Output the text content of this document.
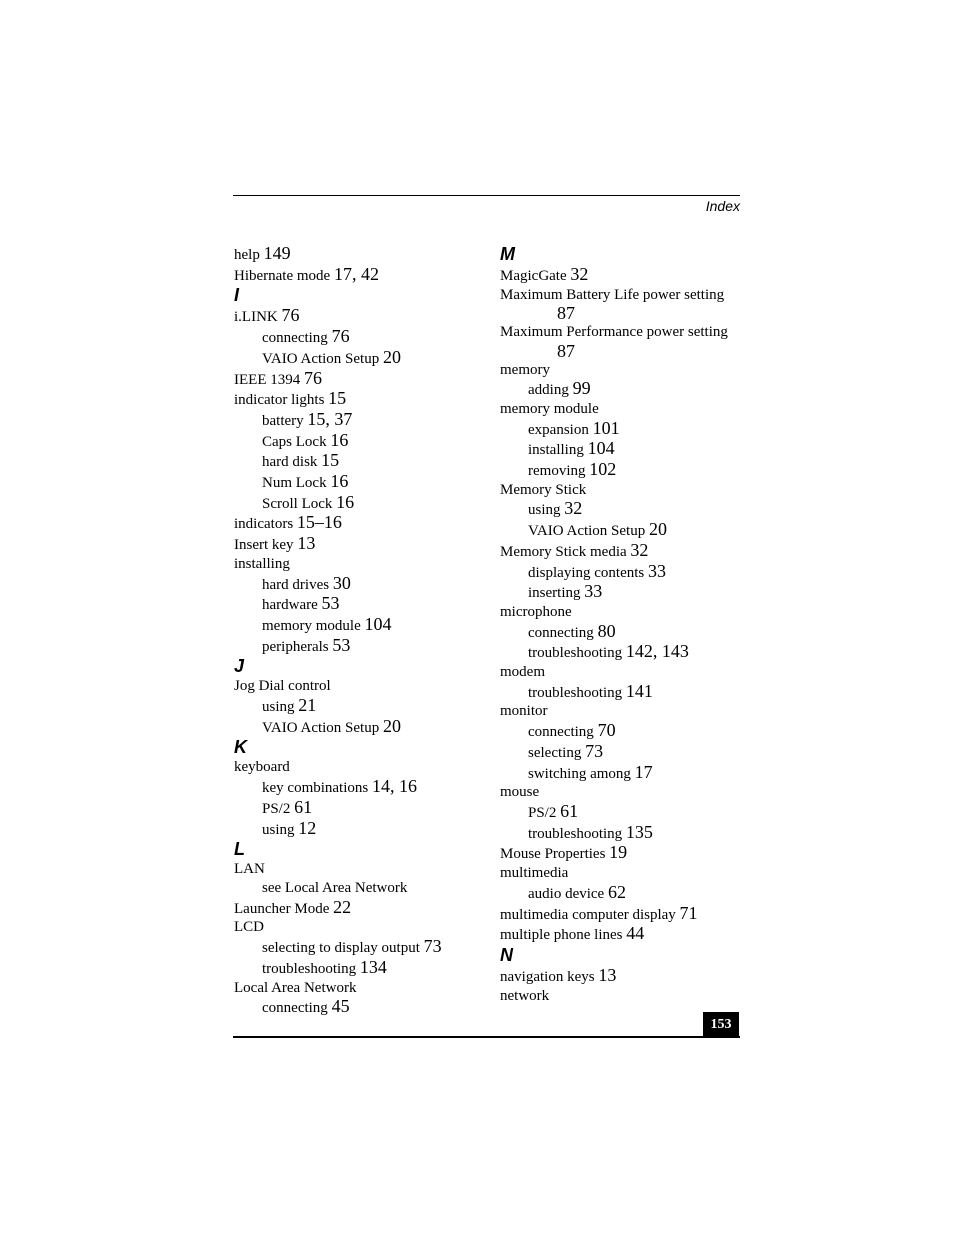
Index
help 149
Hibernate mode 17, 42
I
i.LINK 76
connecting 76
VAIO Action Setup 20
IEEE 1394 76
indicator lights 15
battery 15, 37
Caps Lock 16
hard disk 15
Num Lock 16
Scroll Lock 16
indicators 15–16
Insert key 13
installing
hard drives 30
hardware 53
memory module 104
peripherals 53
J
Jog Dial control
using 21
VAIO Action Setup 20
K
keyboard
key combinations 14, 16
PS/2 61
using 12
L
LAN
see Local Area Network
Launcher Mode 22
LCD
selecting to display output 73
troubleshooting 134
Local Area Network
connecting 45
M
MagicGate 32
Maximum Battery Life power setting
87
Maximum Performance power setting
87
memory
adding 99
memory module
expansion 101
installing 104
removing 102
Memory Stick
using 32
VAIO Action Setup 20
Memory Stick media 32
displaying contents 33
inserting 33
microphone
connecting 80
troubleshooting 142, 143
modem
troubleshooting 141
monitor
connecting 70
selecting 73
switching among 17
mouse
PS/2 61
troubleshooting 135
Mouse Properties 19
multimedia
audio device 62
multimedia computer display 71
multiple phone lines 44
N
navigation keys 13
network
153
